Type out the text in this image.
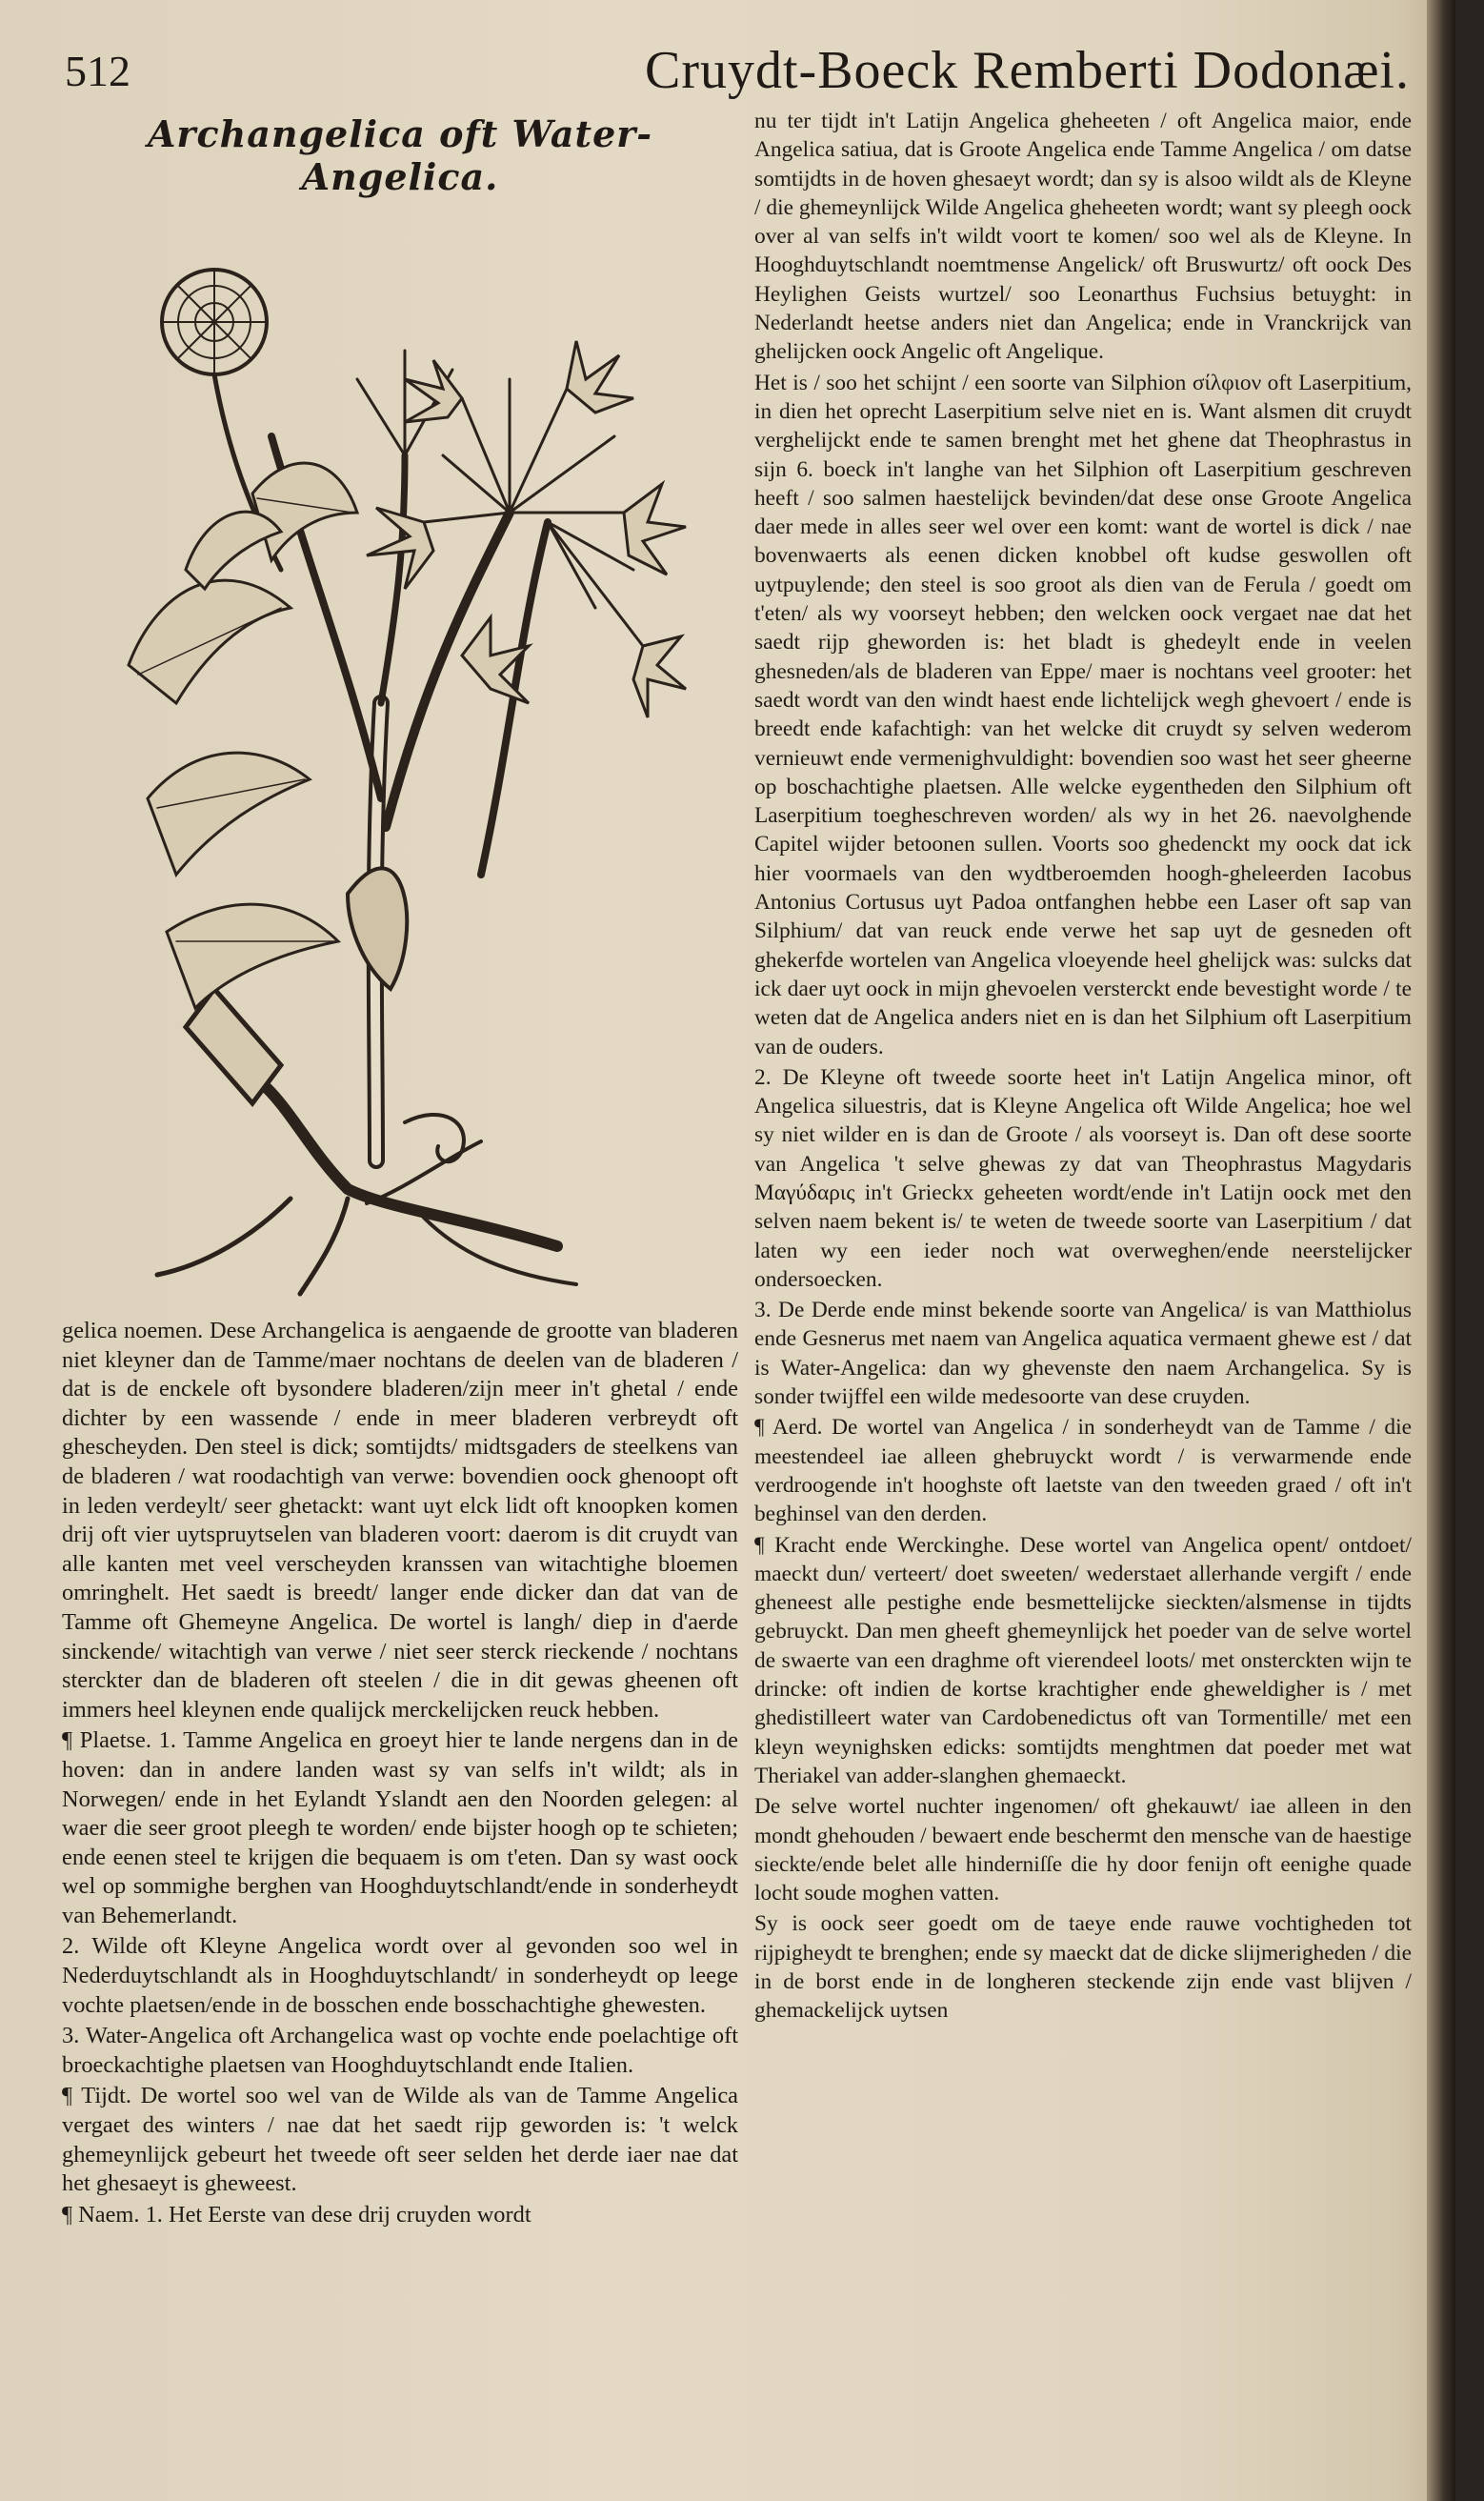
512	Cruydt-Boeck Remberti Dodonæi.
Archangelica oft Water-Angelica.

gelica noemen. Dese Archangelica is aengaende de grootte van bladeren niet kleyner dan de Tamme/maer nochtans de deelen van de bladeren / dat is de enckele oft bysondere bladeren/zijn meer in't ghetal / ende dichter by een wassende / ende in meer bladeren verbreydt oft ghescheyden. Den steel is dick; somtijdts/ midtsgaders de steelkens van de bladeren / wat roodachtigh van verwe: bovendien oock ghenoopt oft in leden verdeylt/ seer ghetackt: want uyt elck lidt oft knoopken komen drij oft vier uytspruytselen van bladeren voort: daerom is dit cruydt van alle kanten met veel verscheyden kranssen van witachtighe bloemen omringhelt. Het saedt is breedt/ langer ende dicker dan dat van de Tamme oft Ghemeyne Angelica. De wortel is langh/ diep in d'aerde sinckende/ witachtigh van verwe / niet seer sterck rieckende / nochtans sterckter dan de bladeren oft steelen / die in dit gewas gheenen oft immers heel kleynen ende qualijck merckelijcken reuck hebben.

¶ Plaetse. 1. Tamme Angelica en groeyt hier te lande nergens dan in de hoven: dan in andere landen wast sy van selfs in't wildt; als in Norwegen/ ende in het Eylandt Yslandt aen den Noorden gelegen: al waer die seer groot pleegh te worden/ ende bijster hoogh op te schieten; ende eenen steel te krijgen die bequaem is om t'eten. Dan sy wast oock wel op sommighe berghen van Hooghduytschlandt/ende in sonderheydt van Behemerlandt.

2. Wilde oft Kleyne Angelica wordt over al gevonden soo wel in Nederduytschlandt als in Hooghduytschlandt/ in sonderheydt op leege vochte plaetsen/ende in de bosschen ende bosschachtighe ghewesten.

3. Water-Angelica oft Archangelica wast op vochte ende poelachtige oft broeckachtighe plaetsen van Hooghduytschlandt ende Italien.

¶ Tijdt. De wortel soo wel van de Wilde als van de Tamme Angelica vergaet des winters / nae dat het saedt rijp geworden is: 't welck ghemeynlijck gebeurt het tweede oft seer selden het derde iaer nae dat het ghesaeyt is gheweest.

¶ Naem. 1. Het Eerste van dese drij cruyden wordt

nu ter tijdt in't Latijn Angelica gheheeten / oft Angelica maior, ende Angelica satiua, dat is Groote Angelica ende Tamme Angelica / om datse somtijdts in de hoven ghesaeyt wordt; dan sy is alsoo wildt als de Kleyne / die ghemeynlijck Wilde Angelica gheheeten wordt; want sy pleegh oock over al van selfs in't wildt voort te komen/ soo wel als de Kleyne. In Hooghduytschlandt noemtmense Angelick/ oft Bruswurtz/ oft oock Des Heylighen Geists wurtzel/ soo Leonarthus Fuchsius betuyght: in Nederlandt heetse anders niet dan Angelica; ende in Vranckrijck van ghelijcken oock Angelic oft Angelique.

Het is / soo het schijnt / een soorte van Silphion σίλφιον oft Laserpitium, in dien het oprecht Laserpitium selve niet en is. Want alsmen dit cruydt verghelijckt ende te samen brenght met het ghene dat Theophrastus in sijn 6. boeck in't langhe van het Silphion oft Laserpitium geschreven heeft / soo salmen haestelijck bevinden/dat dese onse Groote Angelica daer mede in alles seer wel over een komt: want de wortel is dick / nae bovenwaerts als eenen dicken knobbel oft kudse geswollen oft uytpuylende; den steel is soo groot als dien van de Ferula / goedt om t'eten/ als wy voorseyt hebben; den welcken oock vergaet nae dat het saedt rijp gheworden is: het bladt is ghedeylt ende in veelen ghesneden/als de bladeren van Eppe/ maer is nochtans veel grooter: het saedt wordt van den windt haest ende lichtelijck wegh ghevoert / ende is breedt ende kafachtigh: van het welcke dit cruydt sy selven wederom vernieuwt ende vermenighvuldight: bovendien soo wast het seer gheerne op boschachtighe plaetsen. Alle welcke eygentheden den Silphium oft Laserpitium toegheschreven worden/ als wy in het 26. naevolghende Capitel wijder betoonen sullen. Voorts soo ghedenckt my oock dat ick hier voormaels van den wydtberoemden hoogh-gheleerden Iacobus Antonius Cortusus uyt Padoa ontfanghen hebbe een Laser oft sap van Silphium/ dat van reuck ende verwe het sap uyt de gesneden oft ghekerfde wortelen van Angelica vloeyende heel ghelijck was: sulcks dat ick daer uyt oock in mijn ghevoelen versterckt ende bevestight worde / te weten dat de Angelica anders niet en is dan het Silphium oft Laserpitium van de ouders.

2. De Kleyne oft tweede soorte heet in't Latijn Angelica minor, oft Angelica siluestris, dat is Kleyne Angelica oft Wilde Angelica; hoe wel sy niet wilder en is dan de Groote / als voorseyt is. Dan oft dese soorte van Angelica 't selve ghewas zy dat van Theophrastus Magydaris Μαγύδαρις in't Grieckx geheeten wordt/ende in't Latijn oock met den selven naem bekent is/ te weten de tweede soorte van Laserpitium / dat laten wy een ieder noch wat overweghen/ende neerstelijcker ondersoecken.

3. De Derde ende minst bekende soorte van Angelica/ is van Matthiolus ende Gesnerus met naem van Angelica aquatica vermaent ghewe est / dat is Water-Angelica: dan wy ghevenste den naem Archangelica. Sy is sonder twijffel een wilde medesoorte van dese cruyden.

¶ Aerd. De wortel van Angelica / in sonderheydt van de Tamme / die meestendeel iae alleen ghebruyckt wordt / is verwarmende ende verdroogende in't hooghste oft laetste van den tweeden graed / oft in't beghinsel van den derden.

¶ Kracht ende Werckinghe. Dese wortel van Angelica opent/ ontdoet/ maeckt dun/ verteert/ doet sweeten/ wederstaet allerhande vergift / ende gheneest alle pestighe ende besmettelijcke sieckten/alsmense in tijdts gebruyckt. Dan men gheeft ghemeynlijck het poeder van de selve wortel de swaerte van een draghme oft vierendeel loots/ met onsterckten wijn te drincke: oft indien de kortse krachtigher ende gheweldigher is / met ghedistilleert water van Cardobenedictus oft van Tormentille/ met een kleyn weynighsken edicks: somtijdts menghtmen dat poeder met wat Theriakel van adder-slanghen ghemaeckt.

De selve wortel nuchter ingenomen/ oft ghekauwt/ iae alleen in den mondt ghehouden / bewaert ende beschermt den mensche van de haestige sieckte/ende belet alle hinderniſſe die hy door fenijn oft eenighe quade locht soude moghen vatten.

Sy is oock seer goedt om de taeye ende rauwe vochtigheden tot rijpigheydt te brenghen; ende sy maeckt dat de dicke slijmerigheden / die in de borst ende in de longheren steckende zijn ende vast blijven / ghemackelijck uytsen
